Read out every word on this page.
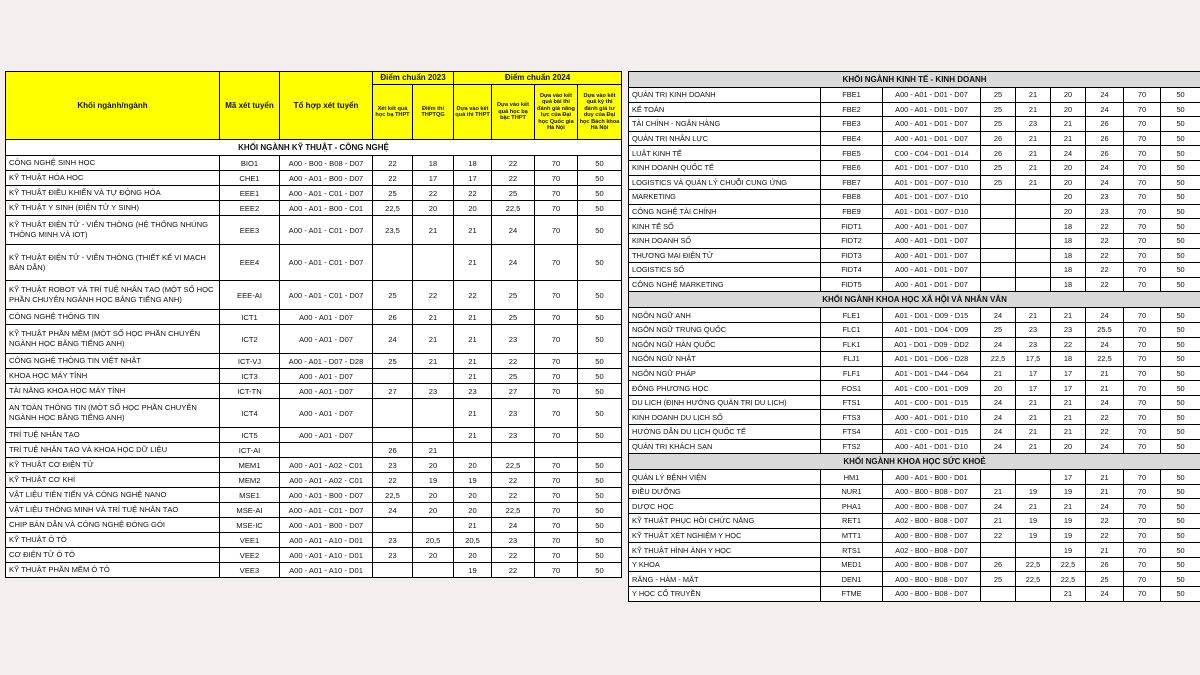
Khối ngành/ngành	Mã xét tuyển	Tổ hợp xét tuyển	Điểm chuẩn 2023		Điểm chuẩn 2024			
			Xét kết quả học bạ THPT	Điểm thi THPTQG	Dựa vào kết quả thi THPT	Dựa vào kết quả học bạ bậc THPT	Dựa vào kết quả bài thi đánh giá năng lực của Đại học Quốc gia Hà Nội	Dựa vào kết quả kỳ thi đánh giá tư duy của Đại học Bách khoa Hà Nội
KHỐI NGÀNH KỸ THUẬT - CÔNG NGHỆ								
CÔNG NGHỆ SINH HỌC	BIO1	A00 - B00 - B08 - D07	22	18	18	22	70	50
KỸ THUẬT HÓA HỌC	CHE1	A00 - A01 - B00 - D07	22	17	17	22	70	50
KỸ THUẬT ĐIỀU KHIỂN VÀ TỰ ĐỘNG HÓA	EEE1	A00 - A01 - C01 - D07	25	22	22	25	70	50
KỸ THUẬT Y SINH (ĐIỆN TỬ Y SINH)	EEE2	A00 - A01 - B00 - C01	22,5	20	20	22,5	70	50
KỸ THUẬT ĐIỆN TỬ - VIỄN THÔNG (HỆ THỐNG NHÚNG THÔNG MINH VÀ IOT)	EEE3	A00 - A01 - C01 - D07	23,5	21	21	24	70	50
KỸ THUẬT ĐIỆN TỬ - VIỄN THÔNG (THIẾT KẾ VI MẠCH BÁN DẪN)	EEE4	A00 - A01 - C01 - D07			21	24	70	50
KỸ THUẬT ROBOT VÀ TRÍ TUỆ NHÂN TẠO (MỘT SỐ HỌC PHẦN CHUYÊN NGÀNH HỌC BẰNG TIẾNG ANH)	EEE-AI	A00 - A01 - C01 - D07	25	22	22	25	70	50
CÔNG NGHỆ THÔNG TIN	ICT1	A00 - A01 - D07	26	21	21	25	70	50
KỸ THUẬT PHẦN MỀM (MỘT SỐ HỌC PHẦN CHUYÊN NGÀNH HỌC BẰNG TIẾNG ANH)	ICT2	A00 - A01 - D07	24	21	21	23	70	50
CÔNG NGHỆ THÔNG TIN VIỆT NHẬT	ICT-VJ	A00 - A01 - D07 - D28	25	21	21	22	70	50
KHOA HỌC MÁY TÍNH	ICT3	A00 - A01 - D07			21	25	70	50
TÀI NĂNG KHOA HỌC MÁY TÍNH	ICT-TN	A00 - A01 - D07	27	23	23	27	70	50
AN TOÀN THÔNG TIN (MỘT SỐ HỌC PHẦN CHUYÊN NGÀNH HỌC BẰNG TIẾNG ANH)	ICT4	A00 - A01 - D07			21	23	70	50
TRÍ TUỆ NHÂN TẠO	ICT5	A00 - A01 - D07			21	23	70	50
TRÍ TUỆ NHÂN TẠO VÀ KHOA HỌC DỮ LIỆU	ICT-AI		26	21				
KỸ THUẬT CƠ ĐIỆN TỬ	MEM1	A00 - A01 - A02 - C01	23	20	20	22,5	70	50
KỸ THUẬT CƠ KHÍ	MEM2	A00 - A01 - A02 - C01	22	19	19	22	70	50
VẬT LIỆU TIÊN TIẾN VÀ CÔNG NGHỆ NANO	MSE1	A00 - A01 - B00 - D07	22,5	20	20	22	70	50
VẬT LIỆU THÔNG MINH VÀ TRÍ TUỆ NHÂN TẠO	MSE-AI	A00 - A01 - C01 - D07	24	20	20	22,5	70	50
CHIP BÁN DẪN VÀ CÔNG NGHỆ ĐÓNG GÓI	MSE-IC	A00 - A01 - B00 - D07			21	24	70	50
KỸ THUẬT Ô TÔ	VEE1	A00 - A01 - A10 - D01	23	20,5	20,5	23	70	50
CƠ ĐIỆN TỬ Ô TÔ	VEE2	A00 - A01 - A10 - D01	23	20	20	22	70	50
KỸ THUẬT PHẦN MỀM Ô TÔ	VEE3	A00 - A01 - A10 - D01			19	22	70	50
KHỐI NGÀNH KINH TẾ - KINH DOANH								
QUẢN TRỊ KINH DOANH	FBE1	A00 - A01 - D01 - D07	25	21	20	24	70	50
KẾ TOÁN	FBE2	A00 - A01 - D01 - D07	25	21	20	24	70	50
TÀI CHÍNH - NGÂN HÀNG	FBE3	A00 - A01 - D01 - D07	25	23	21	26	70	50
QUẢN TRỊ NHÂN LỰC	FBE4	A00 - A01 - D01 - D07	26	21	21	26	70	50
LUẬT KINH TẾ	FBE5	C00 - C04 - D01 - D14	26	21	24	26	70	50
KINH DOANH QUỐC TẾ	FBE6	A01 - D01 - D07 - D10	25	21	20	24	70	50
LOGISTICS VÀ QUẢN LÝ CHUỖI CUNG ỨNG	FBE7	A01 - D01 - D07 - D10	25	21	20	24	70	50
MARKETING	FBE8	A01 - D01 - D07 - D10			20	23	70	50
CÔNG NGHỆ TÀI CHÍNH	FBE9	A01 - D01 - D07 - D10			20	23	70	50
KINH TẾ SỐ	FIDT1	A00 - A01 - D01 - D07			18	22	70	50
KINH DOANH SỐ	FIDT2	A00 - A01 - D01 - D07			18	22	70	50
THƯƠNG MẠI ĐIỆN TỬ	FIDT3	A00 - A01 - D01 - D07			18	22	70	50
LOGISTICS SỐ	FIDT4	A00 - A01 - D01 - D07			18	22	70	50
CÔNG NGHỆ MARKETING	FIDT5	A00 - A01 - D01 - D07			18	22	70	50
KHỐI NGÀNH KHOA HỌC XÃ HỘI VÀ NHÂN VĂN								
NGÔN NGỮ ANH	FLE1	A01 - D01 - D09 - D15	24	21	21	24	70	50
NGÔN NGỮ TRUNG QUỐC	FLC1	A01 - D01 - D04 - D09	25	23	23	25.5	70	50
NGÔN NGỮ HÀN QUỐC	FLK1	A01 - D01 - D09 - DD2	24	23	22	24	70	50
NGÔN NGỮ NHẬT	FLJ1	A01 - D01 - D06 - D28	22,5	17,5	18	22,5	70	50
NGÔN NGỮ PHÁP	FLF1	A01 - D01 - D44 - D64	21	17	17	21	70	50
ĐÔNG PHƯƠNG HỌC	FOS1	A01 - C00 - D01 - D09	20	17	17	21	70	50
DU LỊCH (ĐỊNH HƯỚNG QUẢN TRỊ DU LỊCH)	FTS1	A01 - C00 - D01 - D15	24	21	21	24	70	50
KINH DOANH DU LỊCH SỐ	FTS3	A00 - A01 - D01 - D10	24	21	21	22	70	50
HƯỚNG DẪN DU LỊCH QUỐC TẾ	FTS4	A01 - C00 - D01 - D15	24	21	21	22	70	50
QUẢN TRỊ KHÁCH SẠN	FTS2	A00 - A01 - D01 - D10	24	21	20	24	70	50
KHỐI NGÀNH KHOA HỌC SỨC KHOẺ								
QUẢN LÝ BỆNH VIỆN	HM1	A00 - A01 - B00 - D01			17	21	70	50
ĐIỀU DƯỠNG	NUR1	A00 - B00 - B08 - D07	21	19	19	21	70	50
DƯỢC HỌC	PHA1	A00 - B00 - B08 - D07	24	21	21	24	70	50
KỸ THUẬT PHỤC HỒI CHỨC NĂNG	RET1	A02 - B00 - B08 - D07	21	19	19	22	70	50
KỸ THUẬT XÉT NGHIỆM Y HỌC	MTT1	A00 - B00 - B08 - D07	22	19	19	22	70	50
KỸ THUẬT HÌNH ẢNH Y HỌC	RTS1	A02 - B00 - B08 - D07			19	21	70	50
Y KHOA	MED1	A00 - B00 - B08 - D07	26	22,5	22,5	26	70	50
RĂNG - HÀM - MẶT	DEN1	A00 - B00 - B08 - D07	25	22,5	22,5	25	70	50
Y HỌC CỔ TRUYỀN	FTME	A00 - B00 - B08 - D07			21	24	70	50
